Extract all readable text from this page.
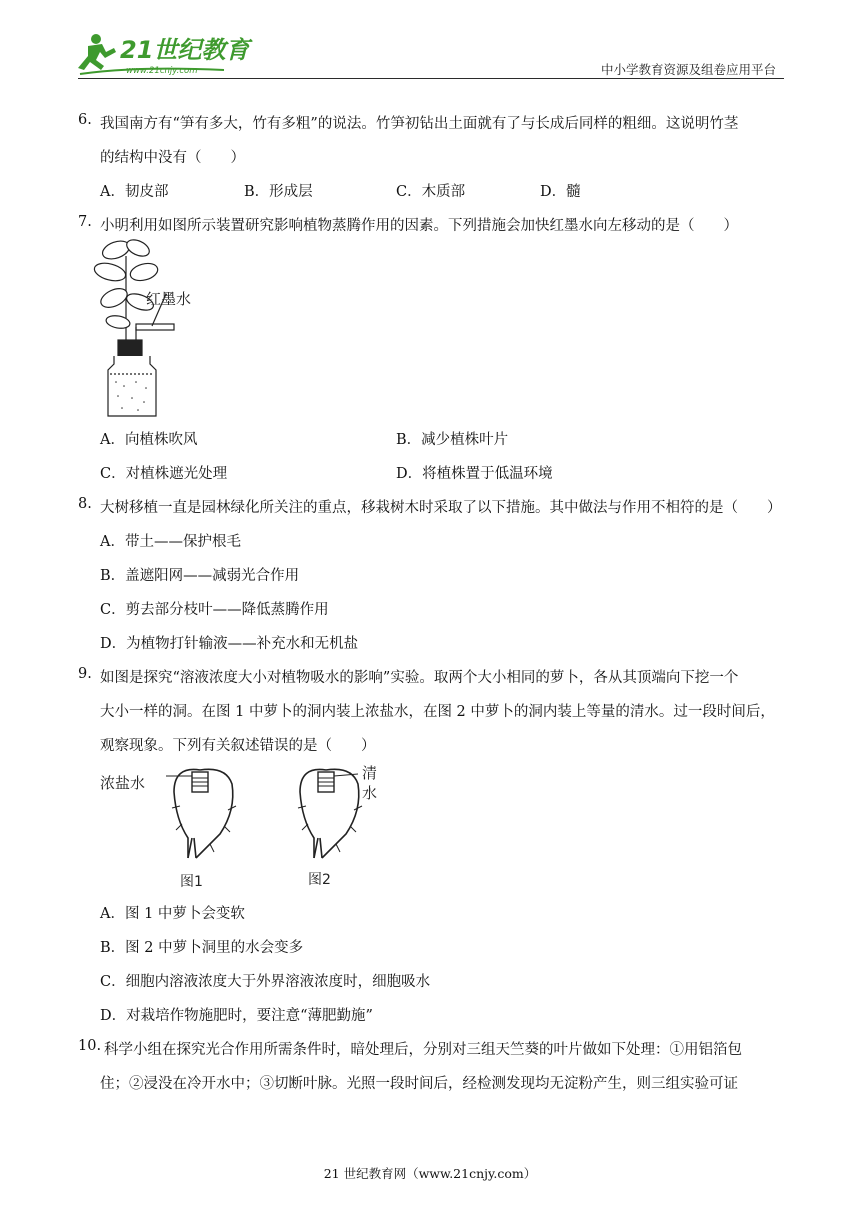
21世纪教育
www.21cnjy.com	中小学教育资源及组卷应用平台
6. 我国南方有“笋有多大，竹有多粗”的说法。竹笋初钻出土面就有了与长成后同样的粗细。这说明竹茎
的结构中没有（　　）
A．韧皮部	B．形成层	C．木质部	D．髓
7. 小明利用如图所示装置研究影响植物蒸腾作用的因素。下列措施会加快红墨水向左移动的是（　　）
红墨水
A．向植株吹风	B．减少植株叶片
C．对植株遮光处理	D．将植株置于低温环境
8. 大树移植一直是园林绿化所关注的重点，移栽树木时采取了以下措施。其中做法与作用不相符的是（　　）
A．带土——保护根毛
B．盖遮阳网——减弱光合作用
C．剪去部分枝叶——降低蒸腾作用
D．为植物打针输液——补充水和无机盐
9. 如图是探究“溶液浓度大小对植物吸水的影响”实验。取两个大小相同的萝卜，各从其顶端向下挖一个
大小一样的洞。在图 1 中萝卜的洞内装上浓盐水，在图 2 中萝卜的洞内装上等量的清水。过一段时间后，
观察现象。下列有关叙述错误的是（　　）
浓盐水
清
水
图1	图2
A．图 1 中萝卜会变软
B．图 2 中萝卜洞里的水会变多
C．细胞内溶液浓度大于外界溶液浓度时，细胞吸水
D．对栽培作物施肥时，要注意“薄肥勤施”
10. 科学小组在探究光合作用所需条件时，暗处理后，分别对三组天竺葵的叶片做如下处理：①用铝箔包
住；②浸没在冷开水中；③切断叶脉。光照一段时间后，经检测发现均无淀粉产生，则三组实验可证
21 世纪教育网（www.21cnjy.com）
